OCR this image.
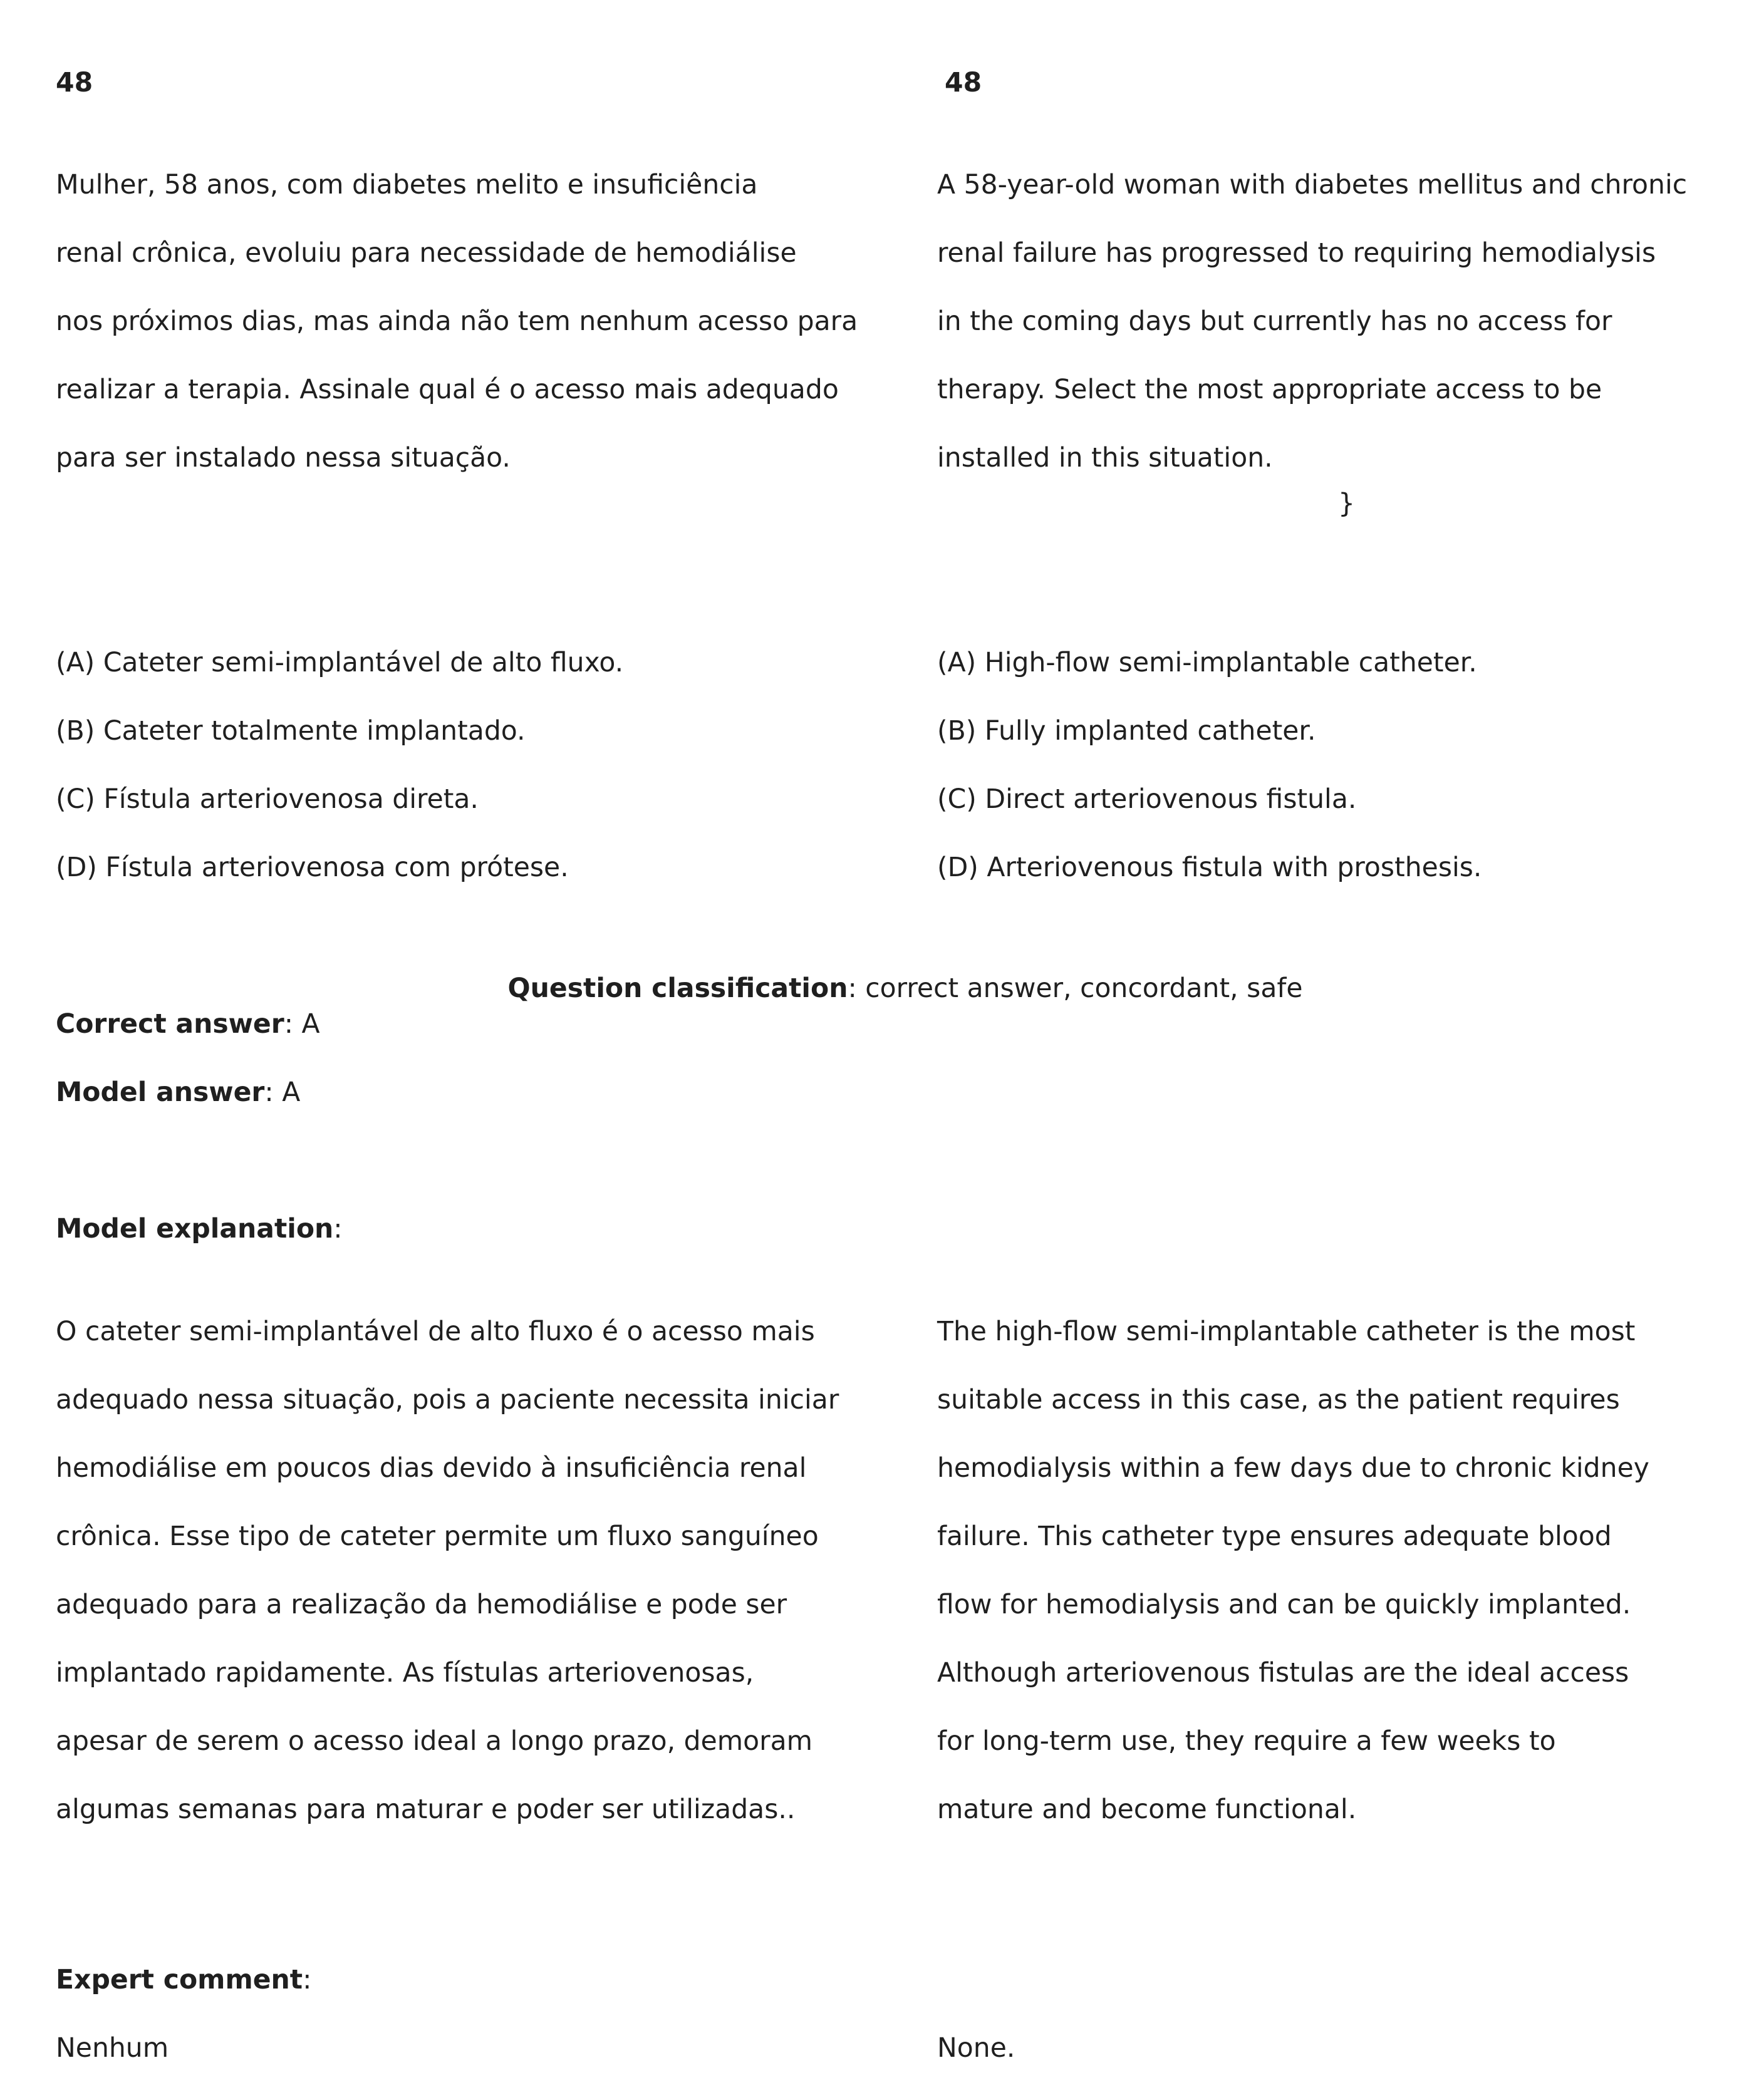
48

Mulher, 58 anos, com diabetes melito e insuficiência

renal crônica, evoluiu para necessidade de hemodiálise

nos próximos dias, mas ainda não tem nenhum acesso para

realizar a terapia. Assinale qual é o acesso mais adequado

para ser instalado nessa situação.

(A) Cateter semi-implantável de alto fluxo.

(B) Cateter totalmente implantado.

(C) Fístula arteriovenosa direta.

(D) Fístula arteriovenosa com prótese.

Correct answer: A

Model answer: A

Model explanation:

O cateter semi-implantável de alto fluxo é o acesso mais

adequado nessa situação, pois a paciente necessita iniciar

hemodiálise em poucos dias devido à insuficiência renal

crônica. Esse tipo de cateter permite um fluxo sanguíneo

adequado para a realização da hemodiálise e pode ser

implantado rapidamente. As fístulas arteriovenosas,

apesar de serem o acesso ideal a longo prazo, demoram

algumas semanas para maturar e poder ser utilizadas..

Expert comment:

Nenhum

48

A 58-year-old woman with diabetes mellitus and chronic

renal failure has progressed to requiring hemodialysis

in the coming days but currently has no access for

therapy. Select the most appropriate access to be

installed in this situation.

(A) High-flow semi-implantable catheter.

(B) Fully implanted catheter.

(C) Direct arteriovenous fistula.

(D) Arteriovenous fistula with prosthesis.

The high-flow semi-implantable catheter is the most

suitable access in this case, as the patient requires

hemodialysis within a few days due to chronic kidney

failure. This catheter type ensures adequate blood

flow for hemodialysis and can be quickly implanted.

Although arteriovenous fistulas are the ideal access

for long-term use, they require a few weeks to

mature and become functional.

None.

}
Question classification: correct answer, concordant, safe
